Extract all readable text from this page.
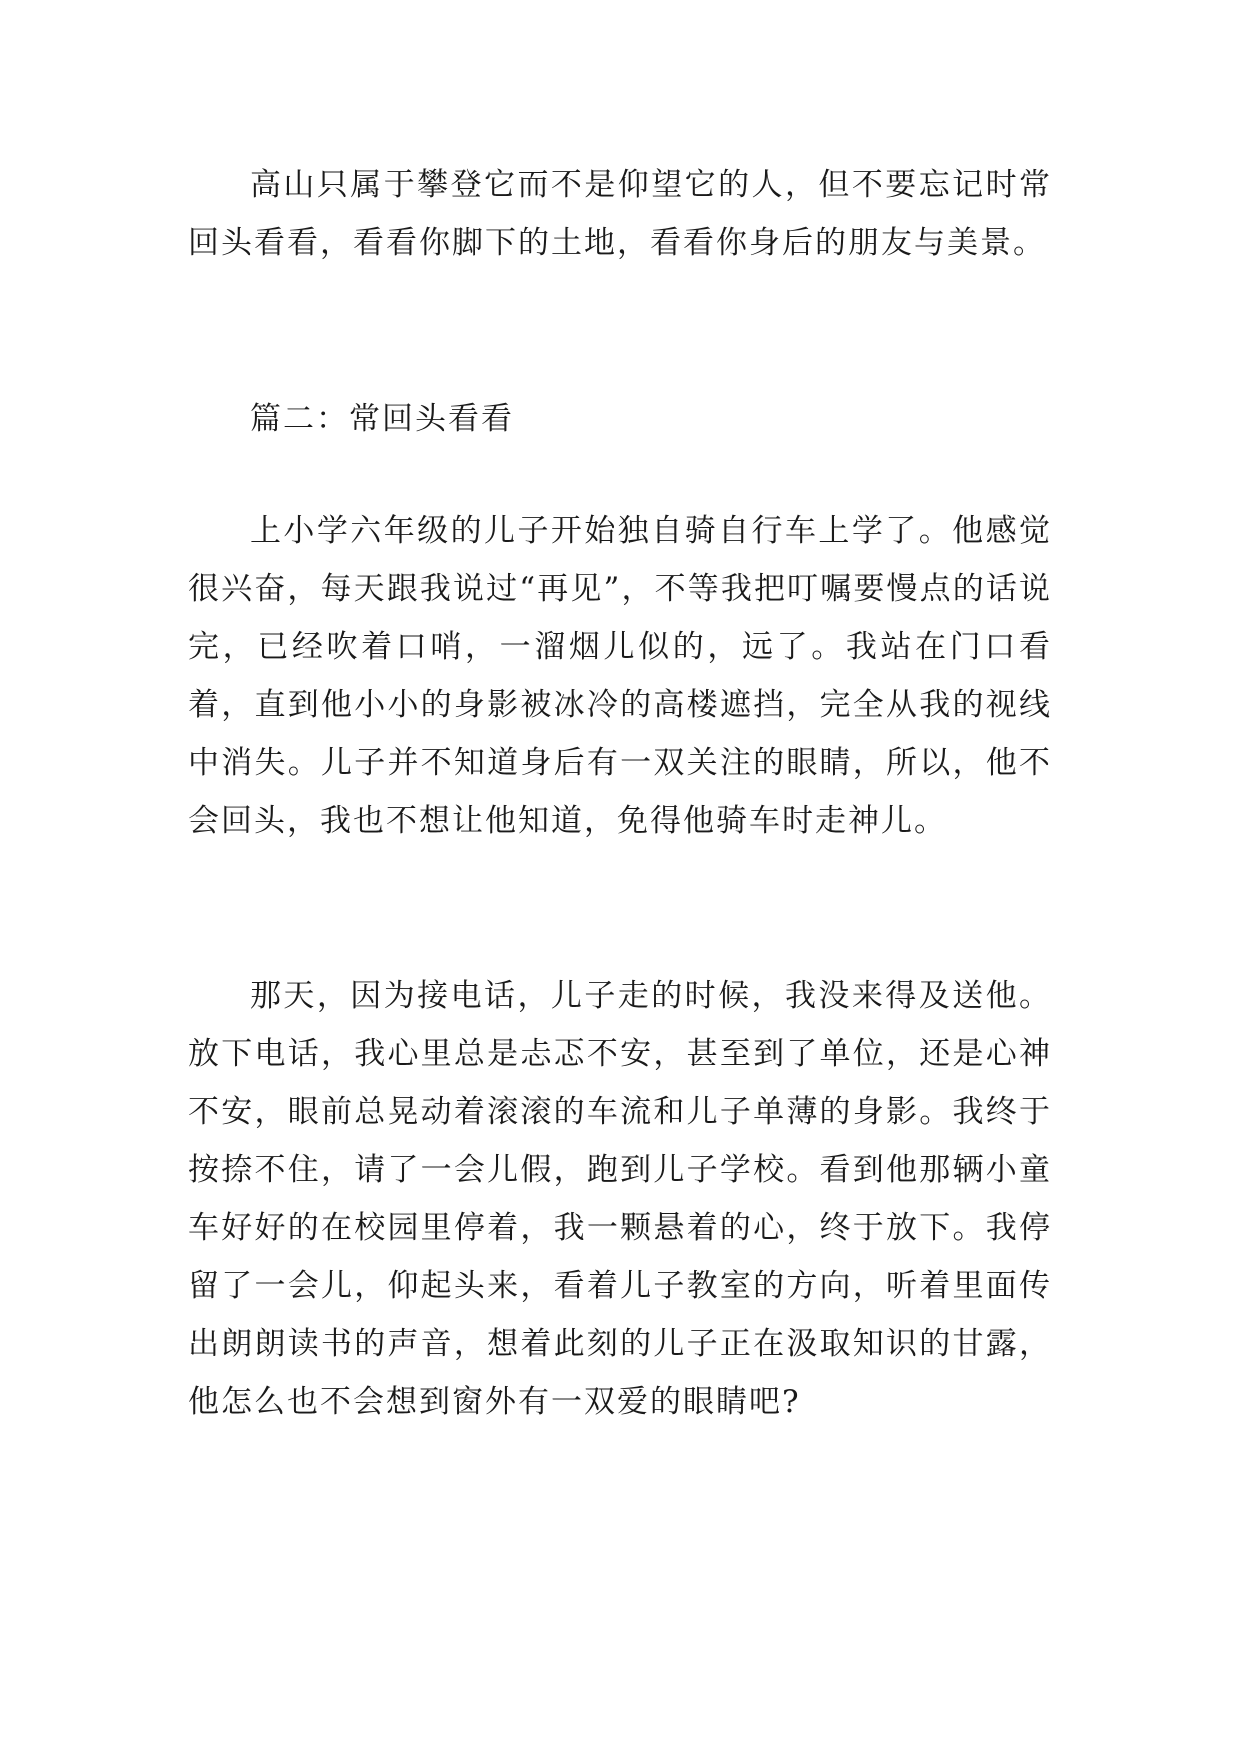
高山只属于攀登它而不是仰望它的人，但不要忘记时常回头看看，看看你脚下的土地，看看你身后的朋友与美景。

篇二：常回头看看

上小学六年级的儿子开始独自骑自行车上学了。他感觉很兴奋，每天跟我说过“再见”，不等我把叮嘱要慢点的话说完，已经吹着口哨，一溜烟儿似的，远了。我站在门口看着，直到他小小的身影被冰冷的高楼遮挡，完全从我的视线中消失。儿子并不知道身后有一双关注的眼睛，所以，他不会回头，我也不想让他知道，免得他骑车时走神儿。

那天，因为接电话，儿子走的时候，我没来得及送他。放下电话，我心里总是忐忑不安，甚至到了单位，还是心神不安，眼前总晃动着滚滚的车流和儿子单薄的身影。我终于按捺不住，请了一会儿假，跑到儿子学校。看到他那辆小童车好好的在校园里停着，我一颗悬着的心，终于放下。我停留了一会儿，仰起头来，看着儿子教室的方向，听着里面传出朗朗读书的声音，想着此刻的儿子正在汲取知识的甘露，他怎么也不会想到窗外有一双爱的眼睛吧?
